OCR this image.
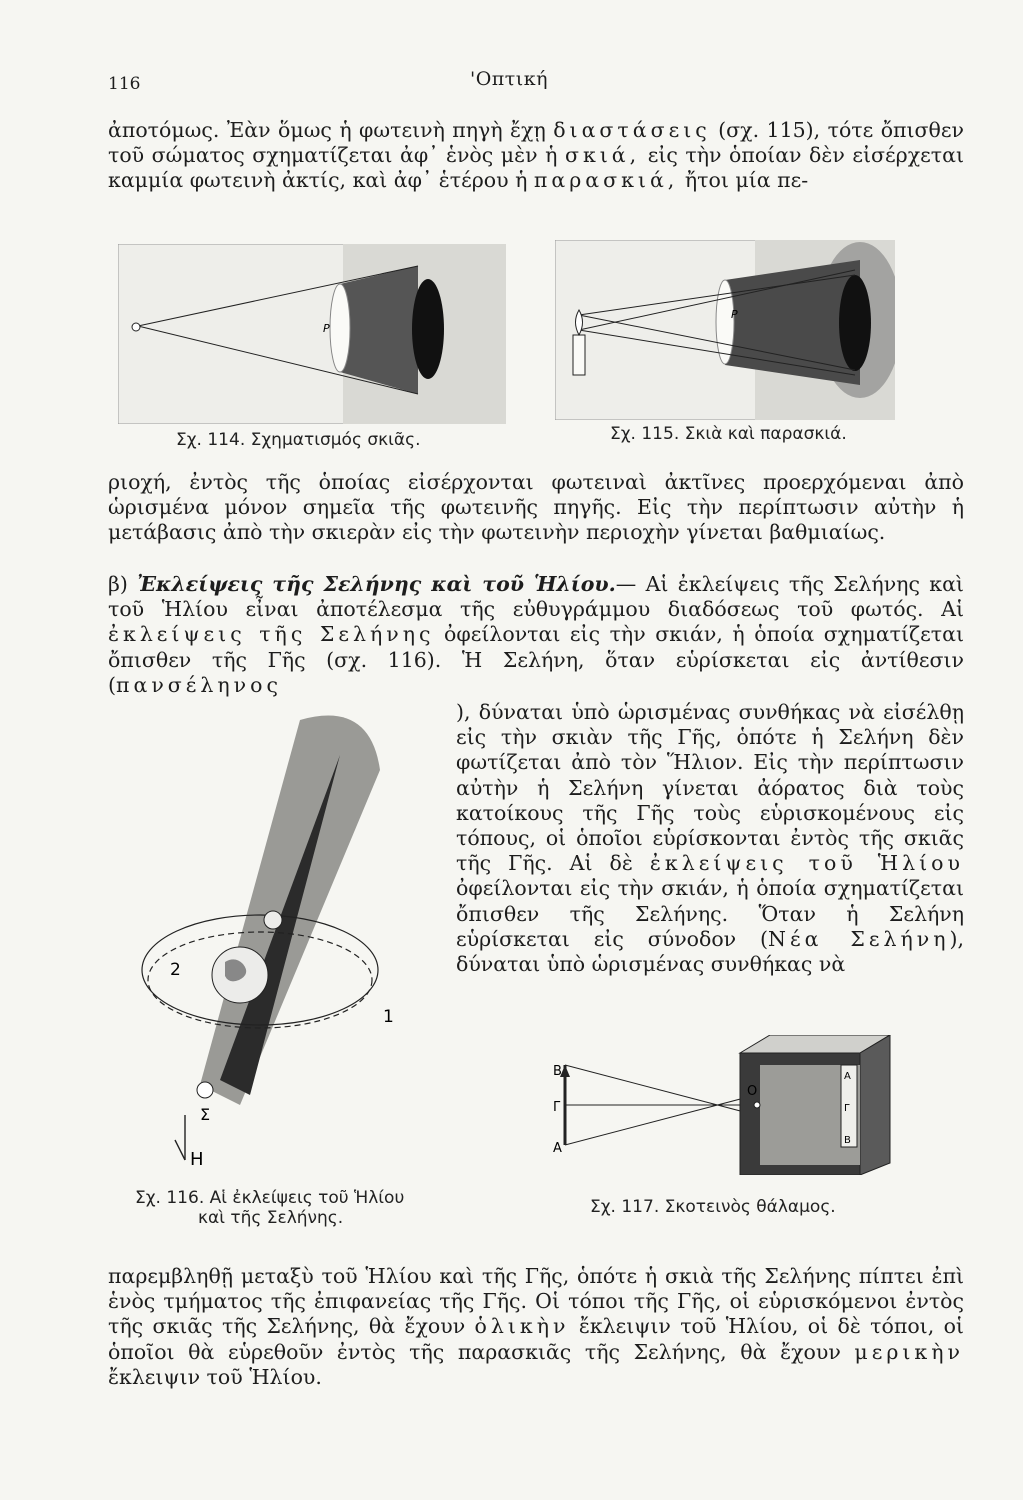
116	'Οπτική
ἀποτόμως. Ἐὰν ὅμως ἡ φωτεινὴ πηγὴ ἔχῃ διαστάσεις (σχ. 115), τότε ὄπισθεν τοῦ σώματος σχηματίζεται ἀφ᾽ ἑνὸς μὲν ἡ σκιά, εἰς τὴν ὁποίαν δὲν εἰσέρχεται καμμία φωτεινὴ ἀκτίς, καὶ ἀφ᾽ ἑτέρου ἡ παρασκιά, ἤτοι μία πε-
P
Σχ. 114. Σχηματισμός σκιᾶς.
P
Σχ. 115. Σκιὰ καὶ παρασκιά.
ριοχή, ἐντὸς τῆς ὁποίας εἰσέρχονται φωτειναὶ ἀκτῖνες προερχόμεναι ἀπὸ ὡρισμένα μόνον σημεῖα τῆς φωτεινῆς πηγῆς. Εἰς τὴν περίπτωσιν αὐτὴν ἡ μετάβασις ἀπὸ τὴν σκιερὰν εἰς τὴν φωτεινὴν περιοχὴν γίνεται βαθμιαίως.
β) Ἐκλείψεις τῆς Σελήνης καὶ τοῦ Ἡλίου.— Αἱ ἐκλείψεις τῆς Σελήνης καὶ τοῦ Ἡλίου εἶναι ἀποτέλεσμα τῆς εὐθυγράμμου διαδόσεως τοῦ φωτός. Αἱ ἐκλείψεις τῆς Σελήνης ὀφείλονται εἰς τὴν σκιάν, ἡ ὁποία σχηματίζεται ὄπισθεν τῆς Γῆς (σχ. 116). Ἡ Σελήνη, ὅταν εὑρίσκεται εἰς ἀντίθεσιν (πανσέληνος
), δύναται ὑπὸ ὡρισμένας συνθήκας νὰ εἰσέλθῃ εἰς τὴν σκιὰν τῆς Γῆς, ὁπότε ἡ Σελήνη δὲν φωτίζεται ἀπὸ τὸν Ἥλιον. Εἰς τὴν περίπτωσιν αὐτὴν ἡ Σελήνη γίνεται ἀόρατος διὰ τοὺς κατοίκους τῆς Γῆς τοὺς εὑρισκομένους εἰς τόπους, οἱ ὁποῖοι εὑρίσκονται ἐντὸς τῆς σκιᾶς τῆς Γῆς. Αἱ δὲ ἐκλείψεις τοῦ Ἡλίου ὀφείλονται εἰς τὴν σκιάν, ἡ ὁποία σχηματίζεται ὄπισθεν τῆς Σελήνης. Ὅταν ἡ Σελήνη εὑρίσκεται εἰς σύνοδον (Νέα Σελήνη), δύναται ὑπὸ ὡρισμένας συνθήκας νὰ
2
1
Σ
Η
Σχ. 116. Αἱ ἐκλείψεις τοῦ Ἡλίου
καὶ τῆς Σελήνης.
Β
Γ
Α
Ο
Α
Γ
Β
Σχ. 117. Σκοτεινὸς θάλαμος.
παρεμβληθῇ μεταξὺ τοῦ Ἡλίου καὶ τῆς Γῆς, ὁπότε ἡ σκιὰ τῆς Σελήνης πίπτει ἐπὶ ἑνὸς τμήματος τῆς ἐπιφανείας τῆς Γῆς. Οἱ τόποι τῆς Γῆς, οἱ εὑρισκόμενοι ἐντὸς τῆς σκιᾶς τῆς Σελήνης, θὰ ἔχουν ὁλικὴν ἔκλειψιν τοῦ Ἡλίου, οἱ δὲ τόποι, οἱ ὁποῖοι θὰ εὑρεθοῦν ἐντὸς τῆς παρασκιᾶς τῆς Σελήνης, θὰ ἔχουν μερικὴν ἔκλειψιν τοῦ Ἡλίου.
